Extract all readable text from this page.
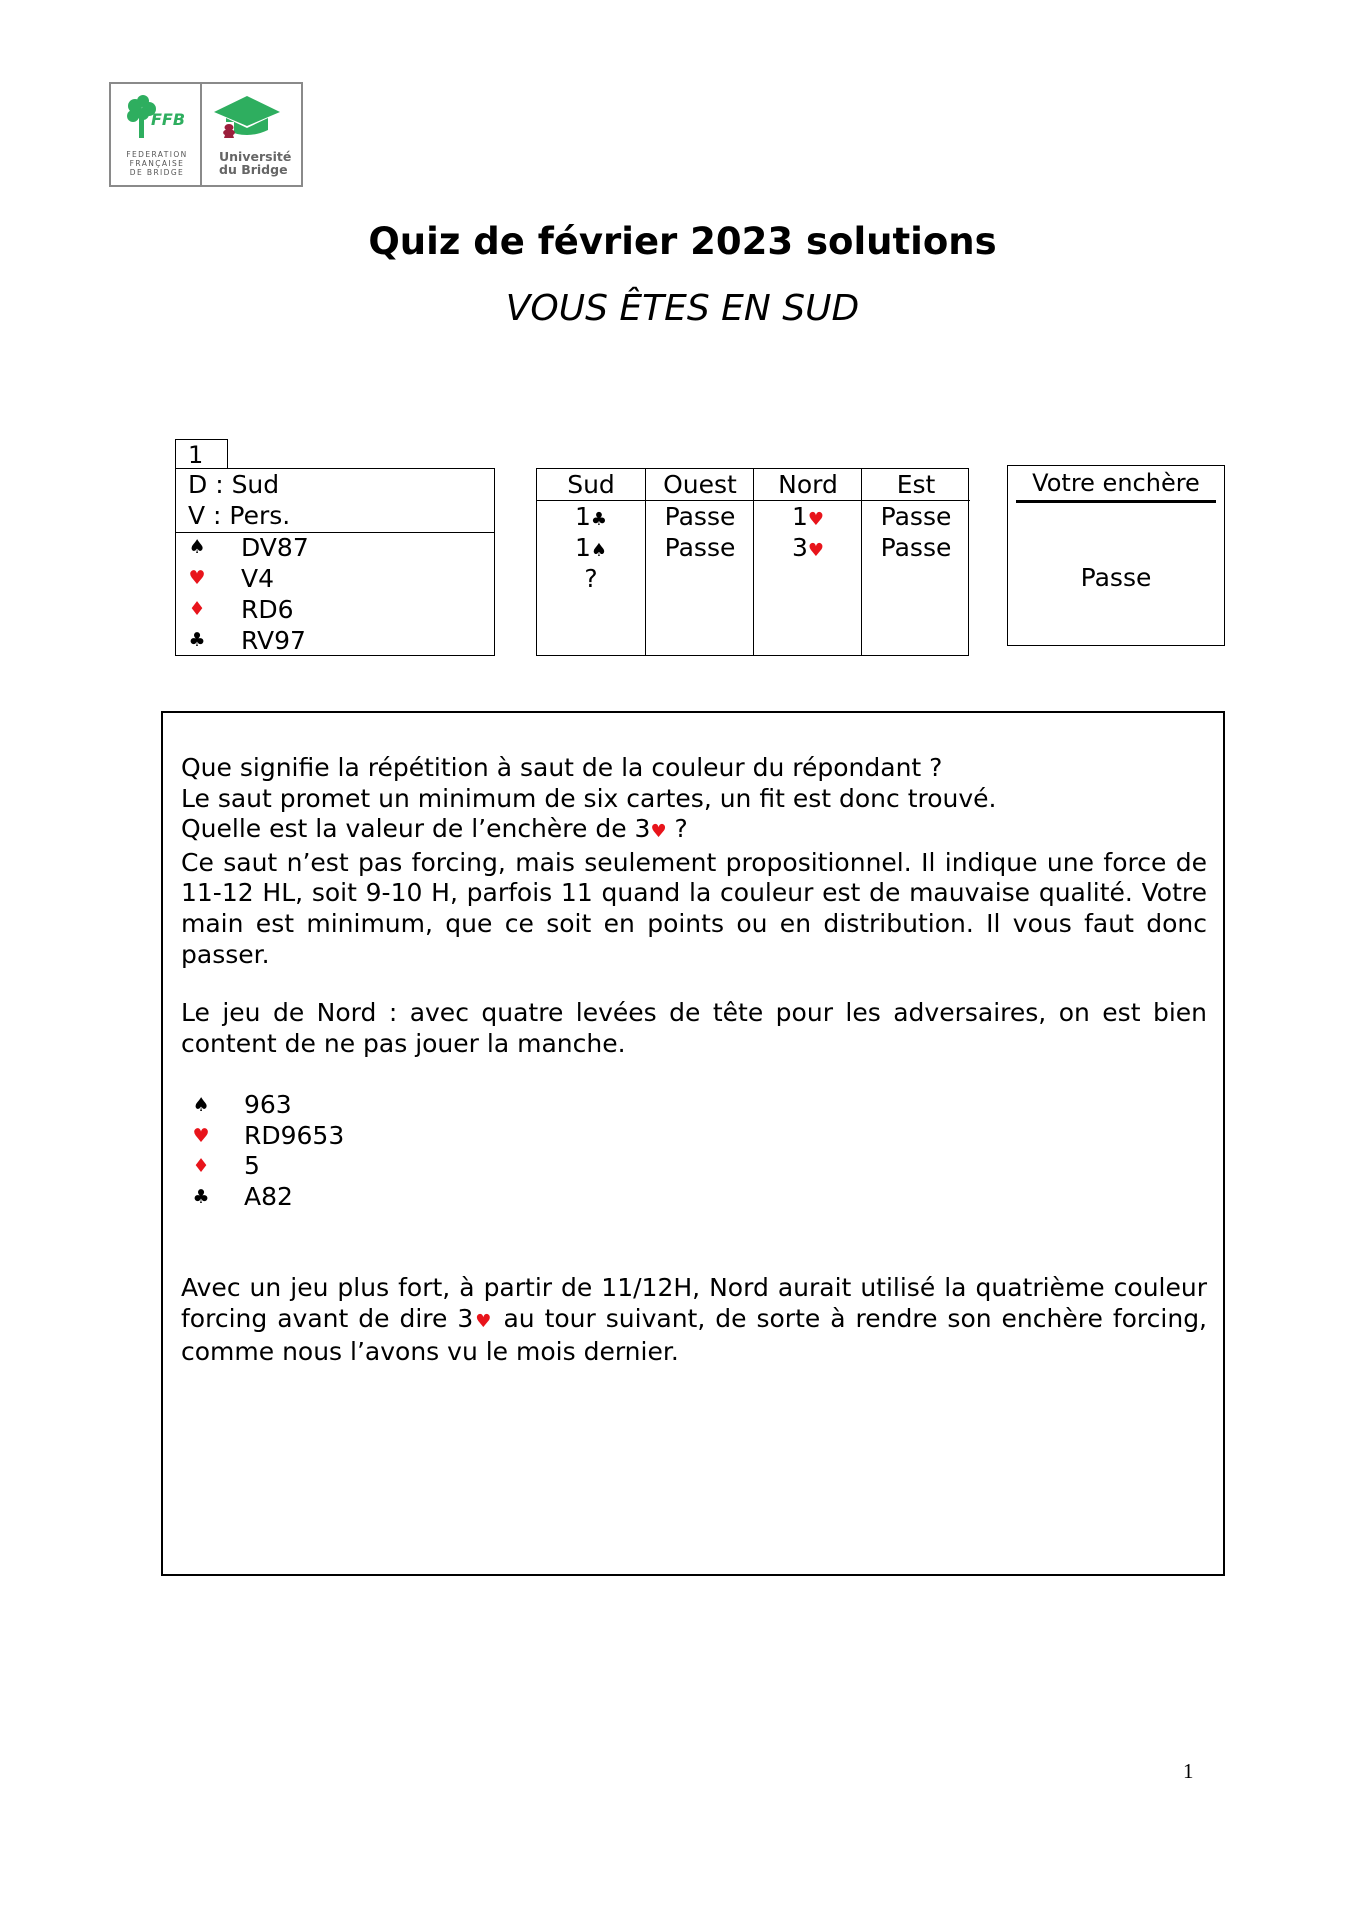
FFB
FEDERATION
FRANÇAISE
DE BRIDGE
Université
du Bridge
Quiz de février 2023 solutions
VOUS ÊTES EN SUD
1
D : Sud
V : Pers.
♠ DV87
♥ V4
♦ RD6
♣ RV97
Sud
1♣
1♠
?
Ouest
Passe
Passe
Nord
1♥
3♥
Est
Passe
Passe
Votre enchère
Passe
Que signifie la répétition à saut de la couleur du répondant ?
Le saut promet un minimum de six cartes, un fit est donc trouvé.
Quelle est la valeur de l’enchère de 3♥ ?
Ce saut n’est pas forcing, mais seulement propositionnel. Il indique une force de 11-12 HL, soit 9-10 H, parfois 11 quand la couleur est de mauvaise qualité. Votre main est minimum, que ce soit en points ou en distribution. Il vous faut donc passer.
Le jeu de Nord : avec quatre levées de tête pour les adversaires, on est bien content de ne pas jouer la manche.
♠ 963
♥ RD9653
♦ 5
♣ A82
Avec un jeu plus fort, à partir de 11/12H, Nord aurait utilisé la quatrième couleur forcing avant de dire 3♥ au tour suivant, de sorte à rendre son enchère forcing, comme nous l’avons vu le mois dernier.
1
